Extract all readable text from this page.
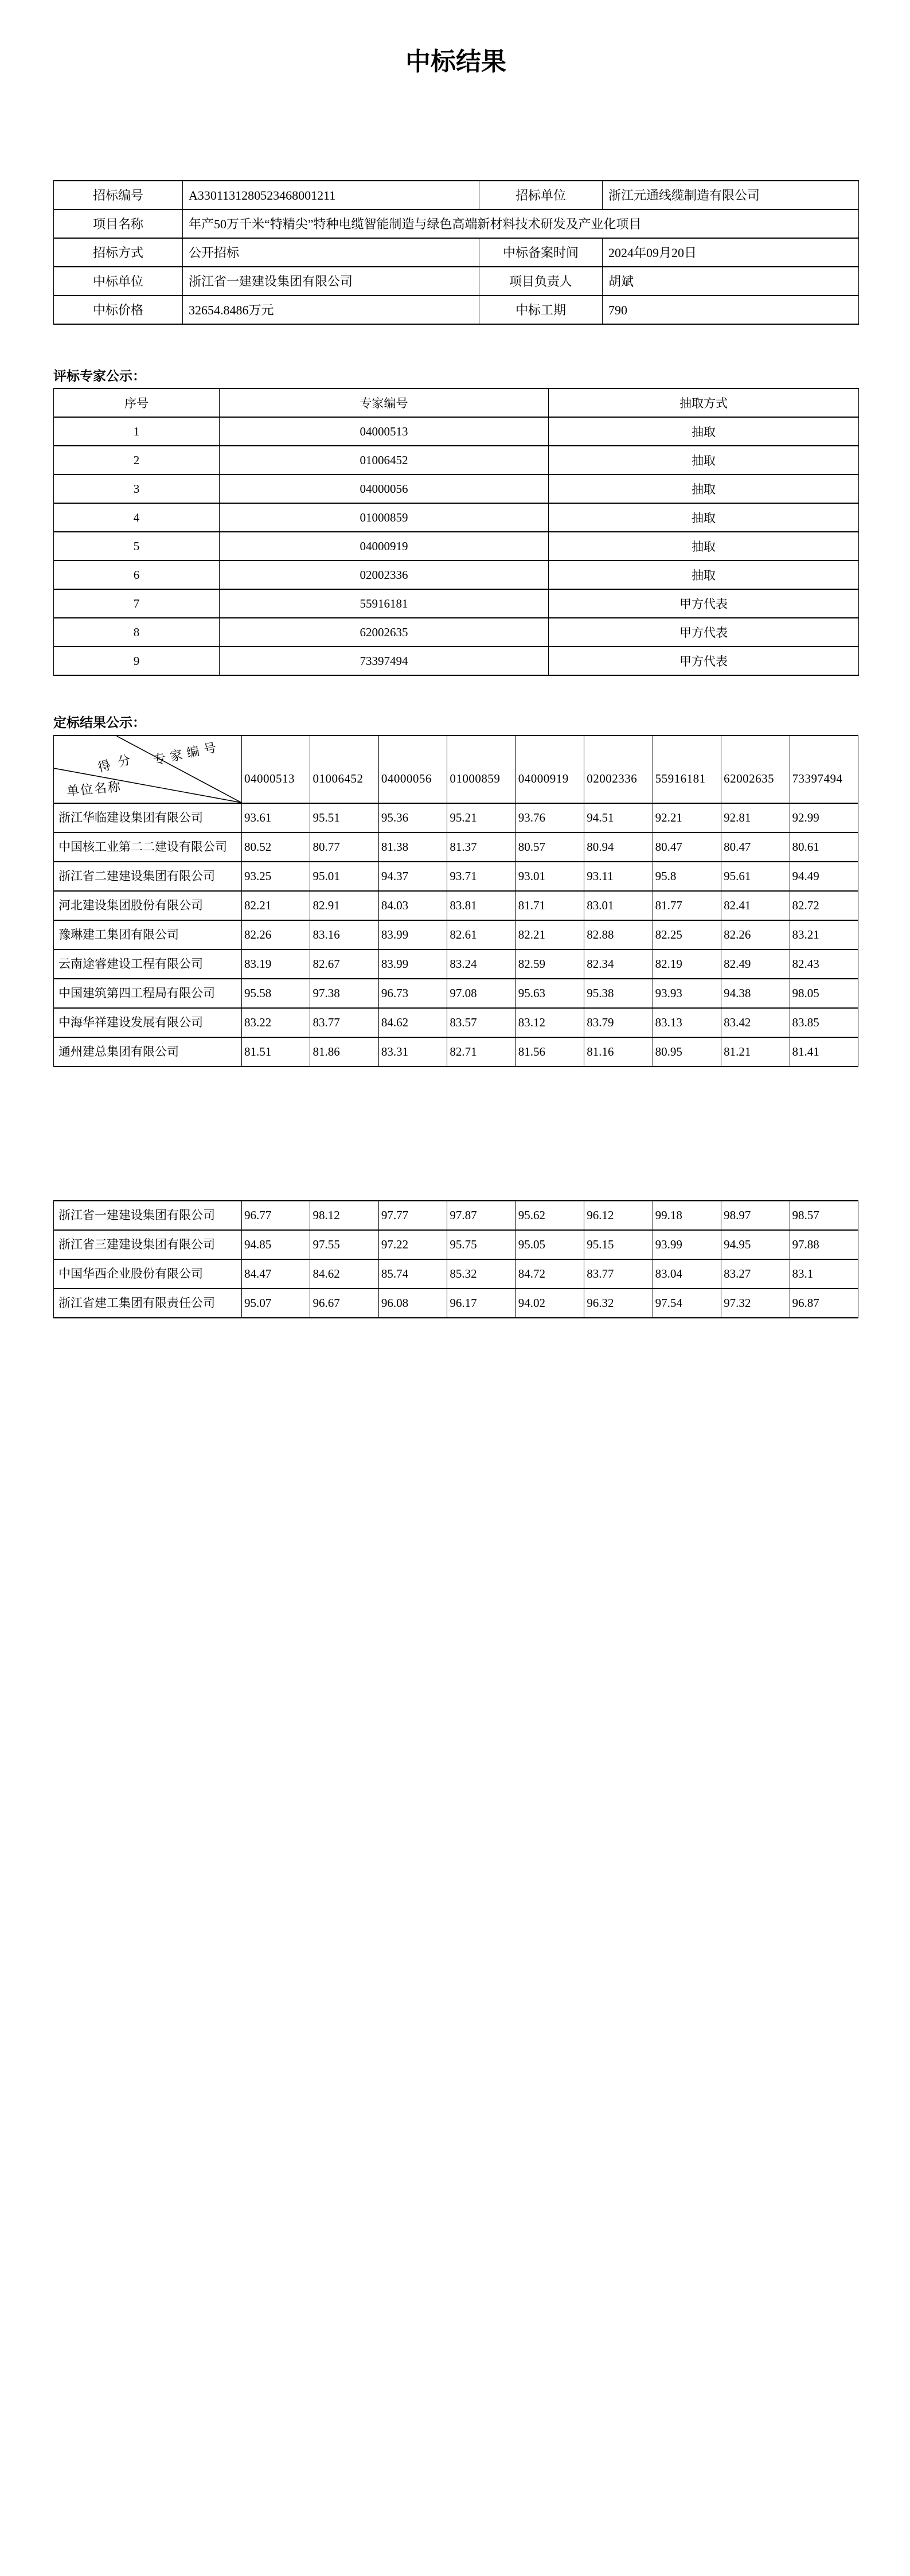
中标结果
招标编号	A3301131280523468001211	招标单位	浙江元通线缆制造有限公司
项目名称	年产50万千米“特精尖”特种电缆智能制造与绿色高端新材料技术研发及产业化项目		
招标方式	公开招标	中标备案时间	2024年09月20日
中标单位	浙江省一建建设集团有限公司	项目负责人	胡斌
中标价格	32654.8486万元	中标工期	790

评标专家公示：

序号	专家编号	抽取方式
1	04000513	抽取
2	01006452	抽取
3	04000056	抽取
4	01000859	抽取
5	04000919	抽取
6	02002336	抽取
7	55916181	甲方代表
8	62002635	甲方代表
9	73397494	甲方代表

定标结果公示：

专家编号
得分
单位名称	04000513	01006452	04000056	01000859	04000919	02002336	55916181	62002635	73397494
浙江华临建设集团有限公司	93.61	95.51	95.36	95.21	93.76	94.51	92.21	92.81	92.99
中国核工业第二二建设有限公司	80.52	80.77	81.38	81.37	80.57	80.94	80.47	80.47	80.61
浙江省二建建设集团有限公司	93.25	95.01	94.37	93.71	93.01	93.11	95.8	95.61	94.49
河北建设集团股份有限公司	82.21	82.91	84.03	83.81	81.71	83.01	81.77	82.41	82.72
豫琳建工集团有限公司	82.26	83.16	83.99	82.61	82.21	82.88	82.25	82.26	83.21
云南途睿建设工程有限公司	83.19	82.67	83.99	83.24	82.59	82.34	82.19	82.49	82.43
中国建筑第四工程局有限公司	95.58	97.38	96.73	97.08	95.63	95.38	93.93	94.38	98.05
中海华祥建设发展有限公司	83.22	83.77	84.62	83.57	83.12	83.79	83.13	83.42	83.85
通州建总集团有限公司	81.51	81.86	83.31	82.71	81.56	81.16	80.95	81.21	81.41
浙江省一建建设集团有限公司	96.77	98.12	97.77	97.87	95.62	96.12	99.18	98.97	98.57
浙江省三建建设集团有限公司	94.85	97.55	97.22	95.75	95.05	95.15	93.99	94.95	97.88
中国华西企业股份有限公司	84.47	84.62	85.74	85.32	84.72	83.77	83.04	83.27	83.1
浙江省建工集团有限责任公司	95.07	96.67	96.08	96.17	94.02	96.32	97.54	97.32	96.87
